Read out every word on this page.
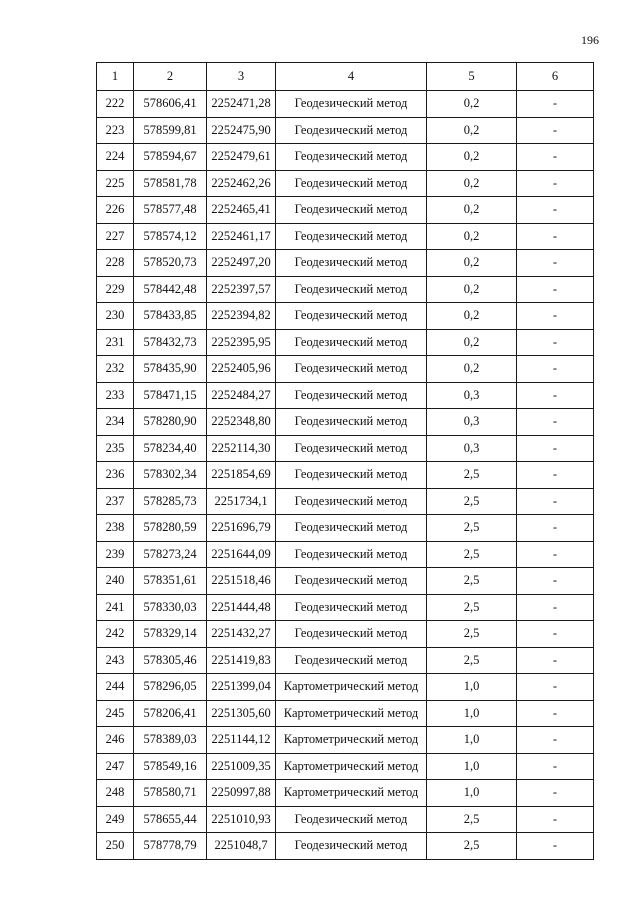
196
1	2	3	4	5	6
222	578606,41	2252471,28	Геодезический метод	0,2	-
223	578599,81	2252475,90	Геодезический метод	0,2	-
224	578594,67	2252479,61	Геодезический метод	0,2	-
225	578581,78	2252462,26	Геодезический метод	0,2	-
226	578577,48	2252465,41	Геодезический метод	0,2	-
227	578574,12	2252461,17	Геодезический метод	0,2	-
228	578520,73	2252497,20	Геодезический метод	0,2	-
229	578442,48	2252397,57	Геодезический метод	0,2	-
230	578433,85	2252394,82	Геодезический метод	0,2	-
231	578432,73	2252395,95	Геодезический метод	0,2	-
232	578435,90	2252405,96	Геодезический метод	0,2	-
233	578471,15	2252484,27	Геодезический метод	0,3	-
234	578280,90	2252348,80	Геодезический метод	0,3	-
235	578234,40	2252114,30	Геодезический метод	0,3	-
236	578302,34	2251854,69	Геодезический метод	2,5	-
237	578285,73	2251734,1	Геодезический метод	2,5	-
238	578280,59	2251696,79	Геодезический метод	2,5	-
239	578273,24	2251644,09	Геодезический метод	2,5	-
240	578351,61	2251518,46	Геодезический метод	2,5	-
241	578330,03	2251444,48	Геодезический метод	2,5	-
242	578329,14	2251432,27	Геодезический метод	2,5	-
243	578305,46	2251419,83	Геодезический метод	2,5	-
244	578296,05	2251399,04	Картометрический метод	1,0	-
245	578206,41	2251305,60	Картометрический метод	1,0	-
246	578389,03	2251144,12	Картометрический метод	1,0	-
247	578549,16	2251009,35	Картометрический метод	1,0	-
248	578580,71	2250997,88	Картометрический метод	1,0	-
249	578655,44	2251010,93	Геодезический метод	2,5	-
250	578778,79	2251048,7	Геодезический метод	2,5	-
